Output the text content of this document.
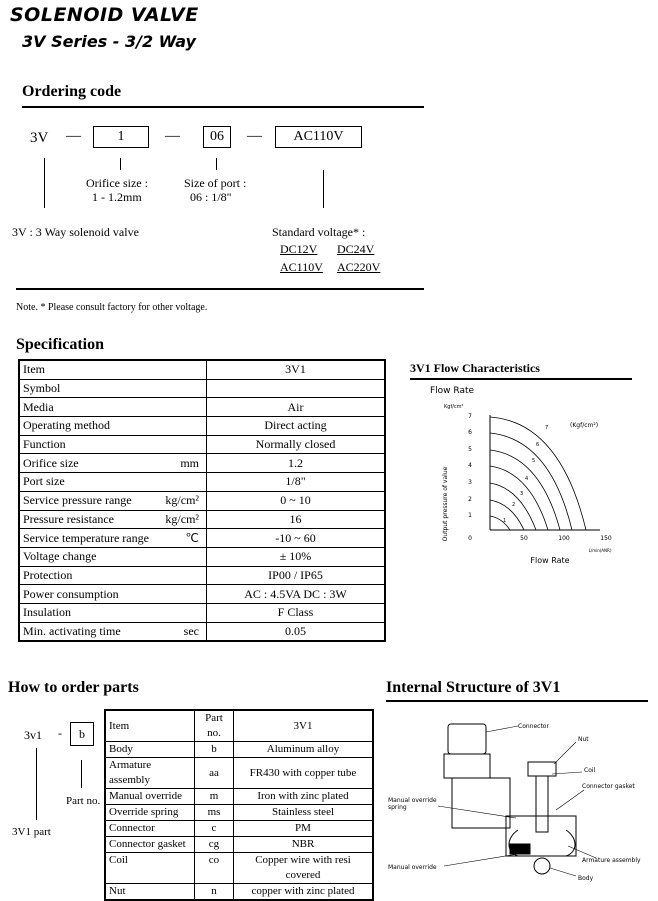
SOLENOID VALVE
3V Series - 3/2 Way
Ordering code
3V —	1	—	06	—	AC110V
Orifice size :
1 - 1.2mm
Size of port :
06 : 1/8"
3V : 3 Way solenoid valve	Standard voltage* :
DC12V DC24V
AC110V AC220V
Note. * Please consult factory for other voltage.
Specification
Item	3V1
Symbol	
Media	Air
Operating method	Direct acting
Function	Normally closed
Orifice size mm	1.2
Port size	1/8"
Service pressure range kg/cm²	0 ~ 10
Pressure resistance kg/cm²	16
Service temperature range ℃	-10 ~ 60
Voltage change	± 10%
Protection	IP00 / IP65
Power consumption	AC : 4.5VA DC : 3W
Insulation	F Class
Min. activating time sec	0.05
3V1 Flow Characteristics
Flow Rate
Kgf/cm²
Output pressure of value	1
2
3
4
5
6
7
0	50	100	150
L/min(ANR)
Flow Rate
(Kgf/cm²)
1
2
3
4
5
6
7
How to order parts
3v1 -	b
Part no.
3V1 part
Item	Part no.	3V1
Body	b	Aluminum alloy
Armature assembly	aa	FR430 with copper tube
Manual override	m	Iron with zinc plated
Override spring	ms	Stainless steel
Connector	c	PM
Connector gasket	cg	NBR
Coil	co	Copper wire with resi
covered

Nut	n	copper with zinc plated
Internal Structure of 3V1
Connector
Nut
Coil
Connector gasket
Manual override
spring
Armature assembly
Manual override
Body
